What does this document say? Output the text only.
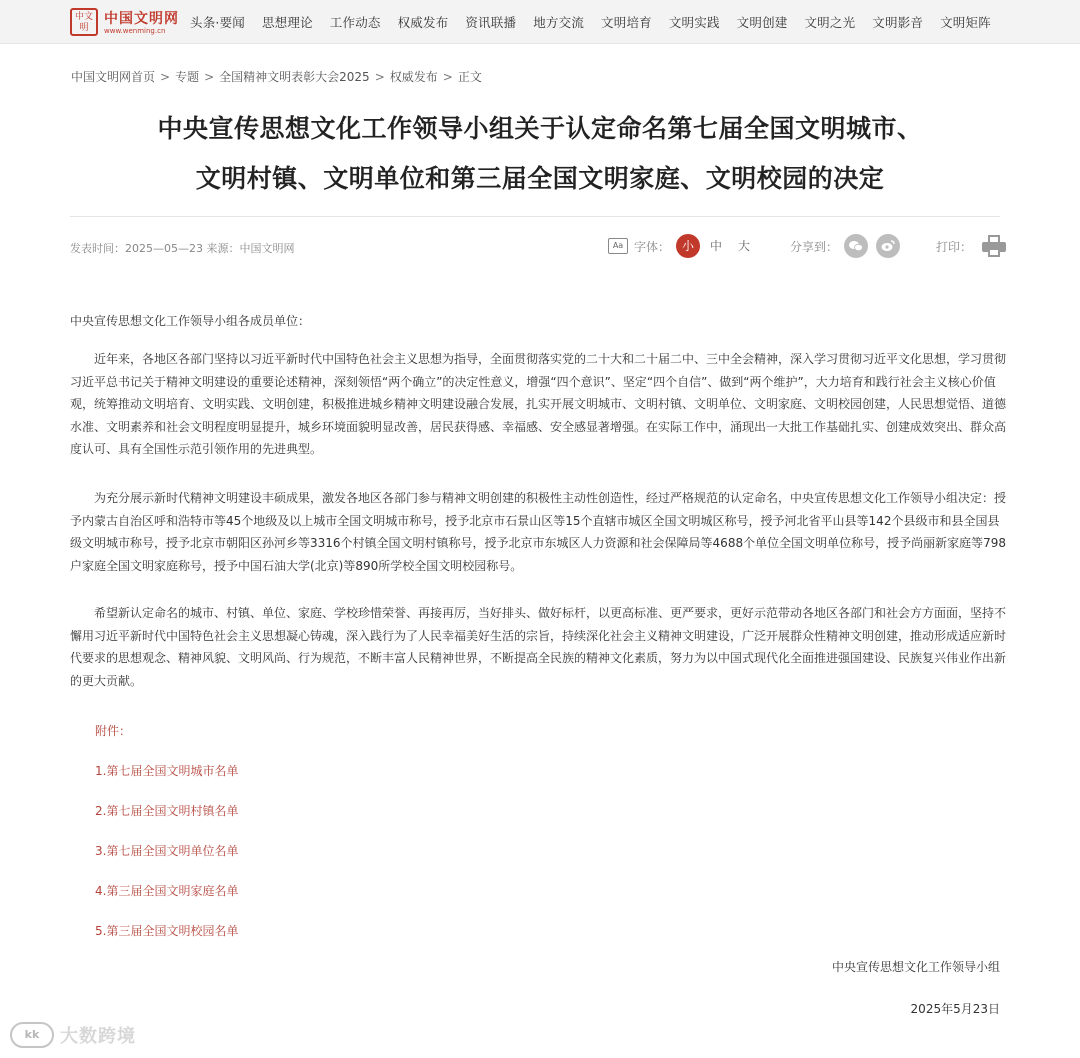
中文明
中国文明网
www.wenming.cn
头条·要闻 思想理论 工作动态 权威发布 资讯联播 地方交流 文明培育 文明实践 文明创建 文明之光 文明影音 文明矩阵
中国文明网首页 > 专题 > 全国精神文明表彰大会2025 > 权威发布 > 正文
中央宣传思想文化工作领导小组关于认定命名第七届全国文明城市、
文明村镇、文明单位和第三届全国文明家庭、文明校园的决定
发表时间：2025—05—23 来源：中国文明网	Aa 字体： 小	中	大	分享到：	打印：

中央宣传思想文化工作领导小组各成员单位：

近年来，各地区各部门坚持以习近平新时代中国特色社会主义思想为指导，全面贯彻落实党的二十大和二十届二中、三中全会精神，深入学习贯彻习近平文化思想，学习贯彻习近平总书记关于精神文明建设的重要论述精神，深刻领悟“两个确立”的决定性意义，增强“四个意识”、坚定“四个自信”、做到“两个维护”，大力培育和践行社会主义核心价值观，统筹推动文明培育、文明实践、文明创建，积极推进城乡精神文明建设融合发展，扎实开展文明城市、文明村镇、文明单位、文明家庭、文明校园创建，人民思想觉悟、道德水准、文明素养和社会文明程度明显提升，城乡环境面貌明显改善，居民获得感、幸福感、安全感显著增强。在实际工作中，涌现出一大批工作基础扎实、创建成效突出、群众高度认可、具有全国性示范引领作用的先进典型。

为充分展示新时代精神文明建设丰硕成果，激发各地区各部门参与精神文明创建的积极性主动性创造性，经过严格规范的认定命名，中央宣传思想文化工作领导小组决定：授予内蒙古自治区呼和浩特市等45个地级及以上城市全国文明城市称号，授予北京市石景山区等15个直辖市城区全国文明城区称号，授予河北省平山县等142个县级市和县全国县级文明城市称号，授予北京市朝阳区孙河乡等3316个村镇全国文明村镇称号，授予北京市东城区人力资源和社会保障局等4688个单位全国文明单位称号，授予尚丽新家庭等798户家庭全国文明家庭称号，授予中国石油大学(北京)等890所学校全国文明校园称号。

希望新认定命名的城市、村镇、单位、家庭、学校珍惜荣誉、再接再厉，当好排头、做好标杆，以更高标准、更严要求，更好示范带动各地区各部门和社会方方面面，坚持不懈用习近平新时代中国特色社会主义思想凝心铸魂，深入践行为了人民幸福美好生活的宗旨，持续深化社会主义精神文明建设，广泛开展群众性精神文明创建，推动形成适应新时代要求的思想观念、精神风貌、文明风尚、行为规范，不断丰富人民精神世界，不断提高全民族的精神文化素质，努力为以中国式现代化全面推进强国建设、民族复兴伟业作出新的更大贡献。

附件：
1.第七届全国文明城市名单
2.第七届全国文明村镇名单
3.第七届全国文明单位名单
4.第三届全国文明家庭名单
5.第三届全国文明校园名单
中央宣传思想文化工作领导小组
2025年5月23日
kk	大数跨境
